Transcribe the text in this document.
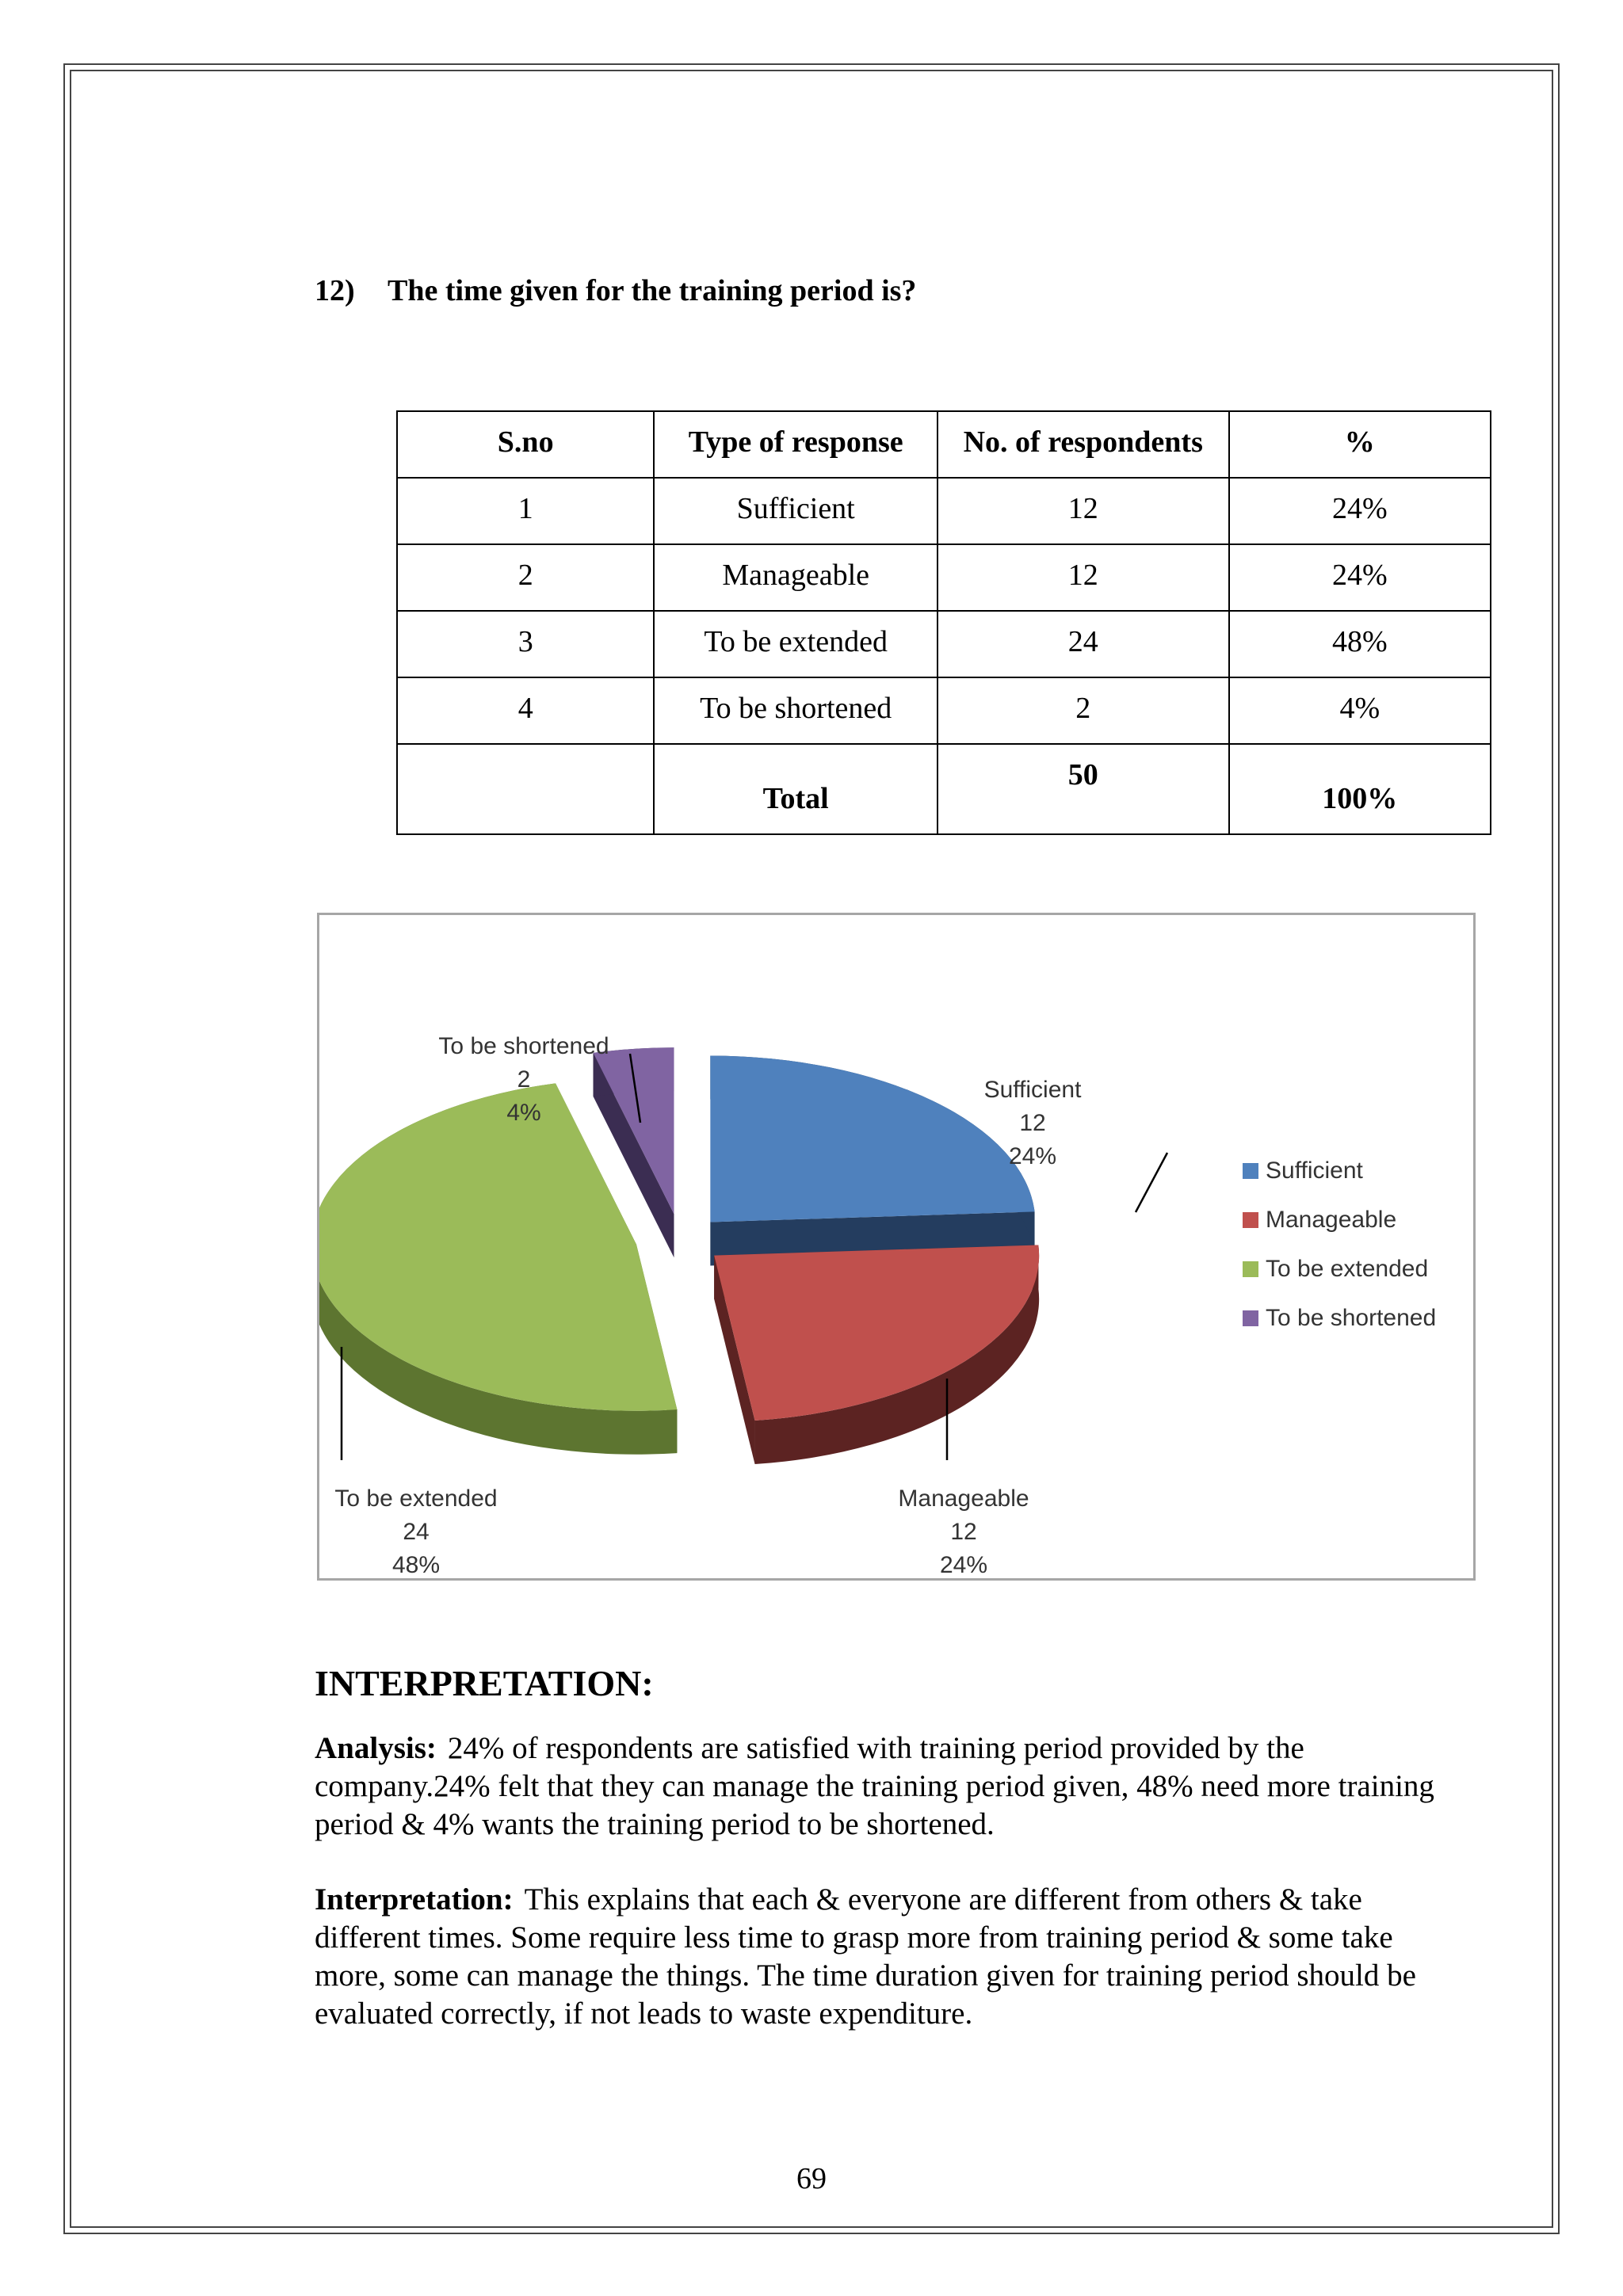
12) The time given for the training period is?
S.no	Type of response	No. of respondents	%
1	Sufficient	12	24%
2	Manageable	12	24%
3	To be extended	24	48%
4	To be shortened	2	4%

	Total	50	100%
Sufficient
12
24%
Manageable
12
24%
To be extended
24
48%
To be shortened
2
4%
Sufficient
Manageable
To be extended
To be shortened
INTERPRETATION:
Analysis: 24% of respondents are satisfied with training period provided by the company.24% felt that they can manage the training period given, 48% need more training period & 4% wants the training period to be shortened.
Interpretation: This explains that each & everyone are different from others & take different times. Some require less time to grasp more from training period & some take more, some can manage the things. The time duration given for training period should be evaluated correctly, if not leads to waste expenditure.
69
